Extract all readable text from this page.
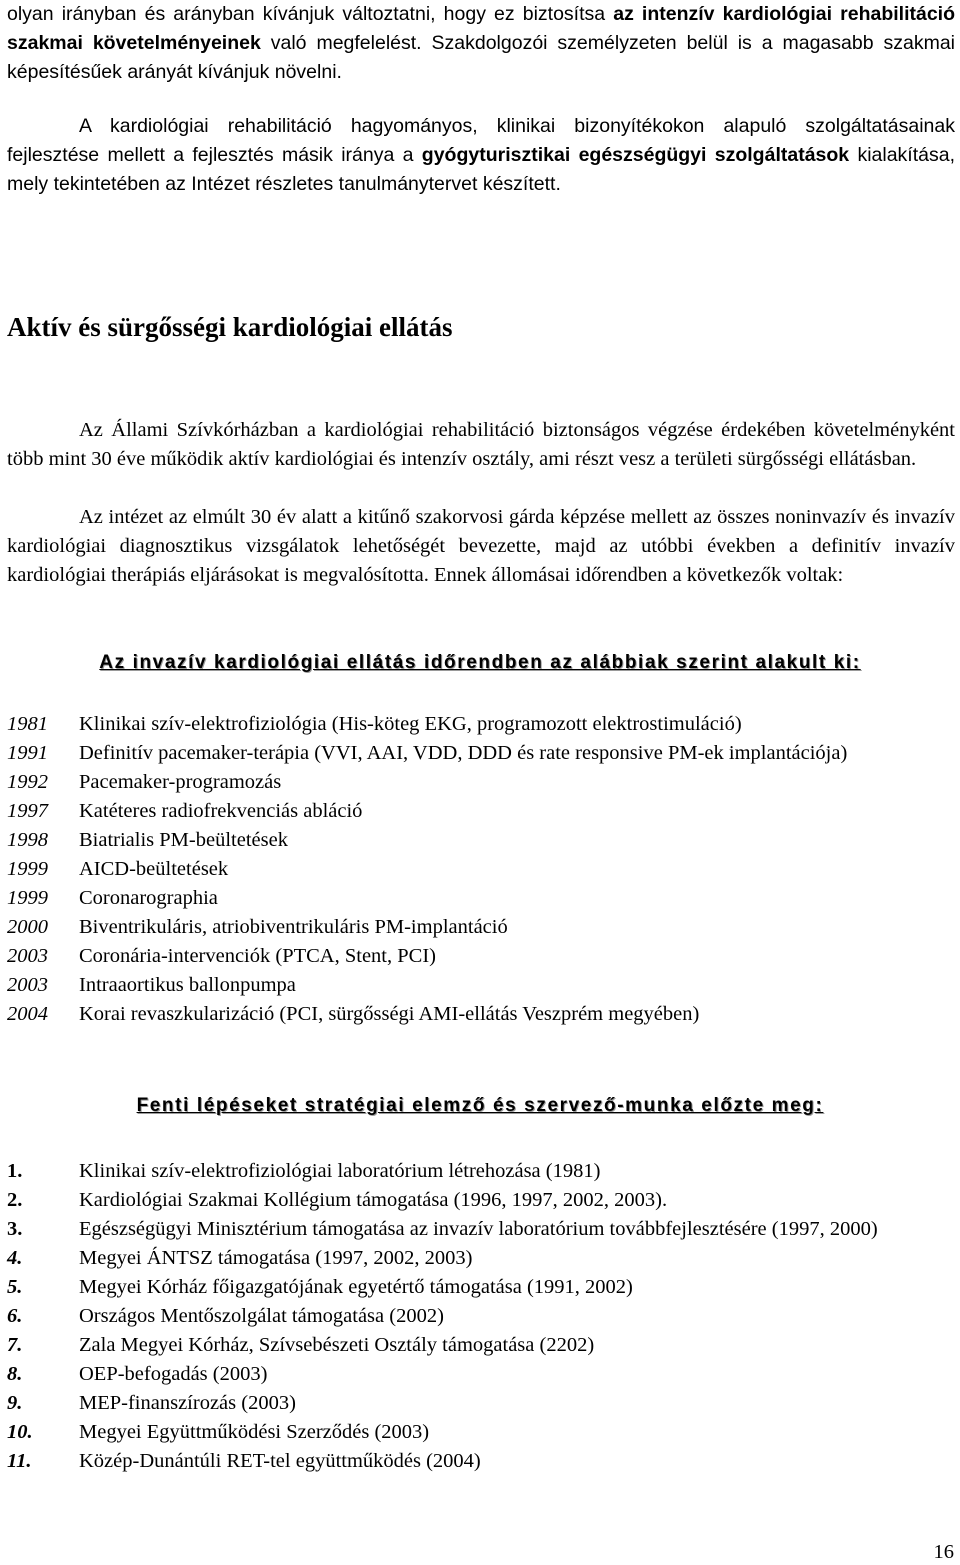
olyan irányban és arányban kívánjuk változtatni, hogy ez biztosítsa az intenzív kardiológiai rehabilitáció szakmai követelményeinek való megfelelést. Szakdolgozói személyzeten belül is a magasabb szakmai képesítésűek arányát kívánjuk növelni.
A kardiológiai rehabilitáció hagyományos, klinikai bizonyítékokon alapuló szolgáltatásainak fejlesztése mellett a fejlesztés másik iránya a gyógyturisztikai egészségügyi szolgáltatások kialakítása, mely tekintetében az Intézet részletes tanulmánytervet készített.
Aktív és sürgősségi kardiológiai ellátás
Az Állami Szívkórházban a kardiológiai rehabilitáció biztonságos végzése érdekében követelményként több mint 30 éve működik aktív kardiológiai és intenzív osztály, ami részt vesz a területi sürgősségi ellátásban.
Az intézet az elmúlt 30 év alatt a kitűnő szakorvosi gárda képzése mellett az összes noninvazív és invazív kardiológiai diagnosztikus vizsgálatok lehetőségét bevezette, majd az utóbbi években a definitív invazív kardiológiai therápiás eljárásokat is megvalósította. Ennek állomásai időrendben a következők voltak:
Az invazív kardiológiai ellátás időrendben az alábbiak szerint alakult ki:
1981	Klinikai szív-elektrofiziológia (His-köteg EKG, programozott elektrostimuláció)
1991	Definitív pacemaker-terápia (VVI, AAI, VDD, DDD és rate responsive PM-ek implantációja)
1992	Pacemaker-programozás
1997	Katéteres radiofrekvenciás abláció
1998	Biatrialis PM-beültetések
1999	AICD-beültetések
1999	Coronarographia
2000	Biventrikuláris, atriobiventrikuláris PM-implantáció
2003	Coronária-intervenciók (PTCA, Stent, PCI)
2003	Intraaortikus ballonpumpa
2004	Korai revaszkularizáció (PCI, sürgősségi AMI-ellátás Veszprém megyében)
Fenti lépéseket stratégiai elemző és szervező-munka előzte meg:
1.	Klinikai szív-elektrofiziológiai laboratórium létrehozása (1981)
2.	Kardiológiai Szakmai Kollégium támogatása (1996, 1997, 2002, 2003).
3.	Egészségügyi Minisztérium támogatása az invazív laboratórium továbbfejlesztésére (1997, 2000)
4.	Megyei ÁNTSZ támogatása (1997, 2002, 2003)
5.	Megyei Kórház főigazgatójának egyetértő támogatása (1991, 2002)
6.	Országos Mentőszolgálat támogatása (2002)
7.	Zala Megyei Kórház, Szívsebészeti Osztály támogatása (2202)
8.	OEP-befogadás (2003)
9.	MEP-finanszírozás (2003)
10.	Megyei Együttműködési Szerződés (2003)
11.	Közép-Dunántúli RET-tel együttműködés (2004)
16
